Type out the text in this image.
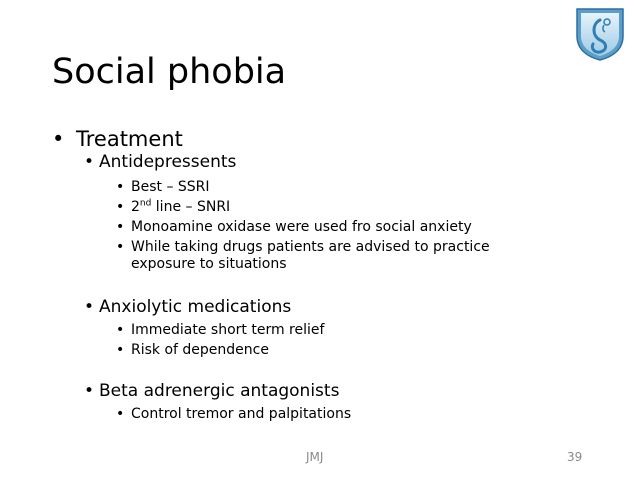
Social phobia
• Treatment
• Antidepressents
• Best – SSRI
• 2nd line – SNRI
• Monoamine oxidase were used fro social anxiety
• While taking drugs patients are advised to practice
exposure to situations
• Anxiolytic medications
• Immediate short term relief
• Risk of dependence
• Beta adrenergic antagonists
• Control tremor and palpitations
JMJ	39
